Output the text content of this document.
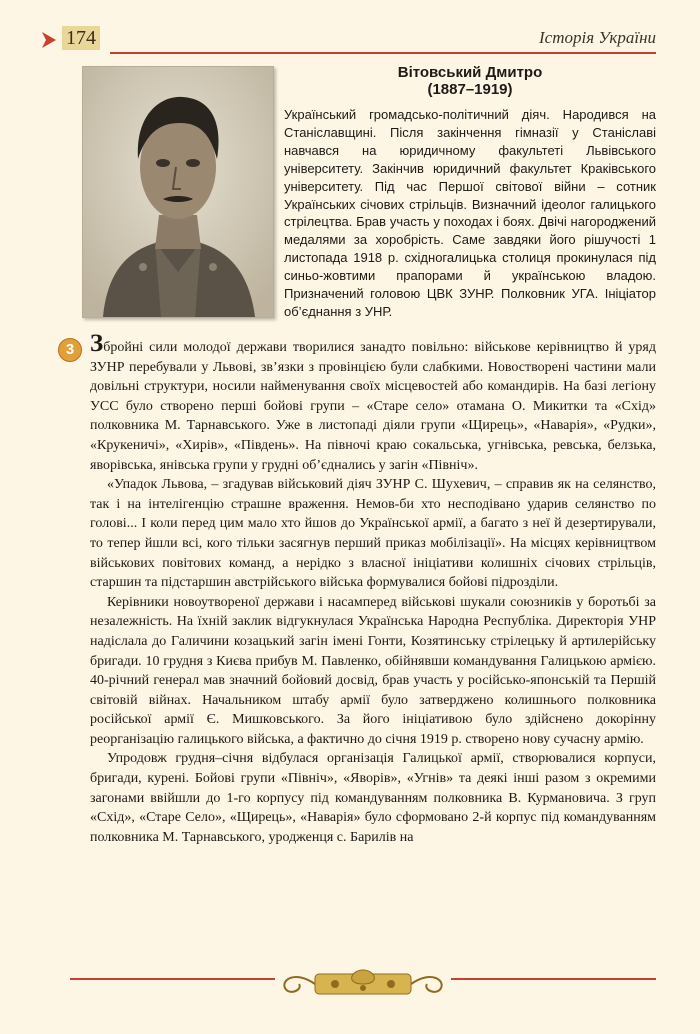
174	Історія України

Вітовський Дмитро

(1887–1919)

Український громадсько-політичний діяч. Народився на Станіславщині. Після закінчення гімназії у Станіславі навчався на юридичному факультеті Львівського університету. Закінчив юридичний факультет Краківського університету. Під час Першої світової війни – сотник Українських січових стрільців. Визначний ідеолог галицького стрілецтва. Брав участь у походах і боях. Двічі нагороджений медалями за хоробрість. Саме завдяки його рішучості 1 листопада 1918 р. східногалицька столиця прокинулася під синьо-жовтими прапорами й українською владою. Призначений головою ЦВК ЗУНР. Полковник УГА. Ініціатор об’єднання з УНР.

3 Збройні сили молодої держави творилися занадто повільно: військове керівництво й уряд ЗУНР перебували у Львові, зв’язки з провінцією були слабкими. Новостворені частини мали довільні структури, носили найменування своїх місцевостей або командирів. На базі легіону УСС було створено перші бойові групи – «Старе село» отамана О. Микитки та «Схід» полковника М. Тарнавського. Уже в листопаді діяли групи «Щирець», «Наварія», «Рудки», «Крукеничі», «Хирів», «Південь». На півночі краю сокальська, угнівська, ревська, белзька, яворівська, янівська групи у грудні об’єднались у загін «Північ».

«Упадок Львова, – згадував військовий діяч ЗУНР С. Шухевич, – справив як на селянство, так і на інтелігенцію страшне враження. Немов-би хто несподівано ударив селянство по голові... І коли перед цим мало хто йшов до Української армії, а багато з неї й дезертирували, то тепер йшли всі, кого тільки засягнув перший приказ мобілізації». На місцях керівництвом військових повітових команд, а нерідко з власної ініціативи колишніх січових стрільців, старшин та підстаршин австрійського війська формувалися бойові підрозділи.

Керівники новоутвореної держави і насамперед військові шукали союзників у боротьбі за незалежність. На їхній заклик відгукнулася Українська Народна Республіка. Директорія УНР надіслала до Галичини козацький загін імені Гонти, Козятинську стрілецьку й артилерійську бригади. 10 грудня з Києва прибув М. Павленко, обійнявши командування Галицькою армією. 40-річний генерал мав значний бойовий досвід, брав участь у російсько-японській та Першій світовій війнах. Начальником штабу армії було затверджено колишнього полковника російської армії Є. Мишковського. За його ініціативою було здійснено докорінну реорганізацію галицького війська, а фактично до січня 1919 р. створено нову сучасну армію.

Упродовж грудня–січня відбулася організація Галицької армії, створювалися корпуси, бригади, курені. Бойові групи «Північ», «Яворів», «Угнів» та деякі інші разом з окремими загонами ввійшли до 1-го корпусу під командуванням полковника В. Курмановича. З груп «Схід», «Старе Село», «Щирець», «Наварія» було сформовано 2-й корпус під командуванням полковника М. Тарнавського, уродженця с. Барилів на
